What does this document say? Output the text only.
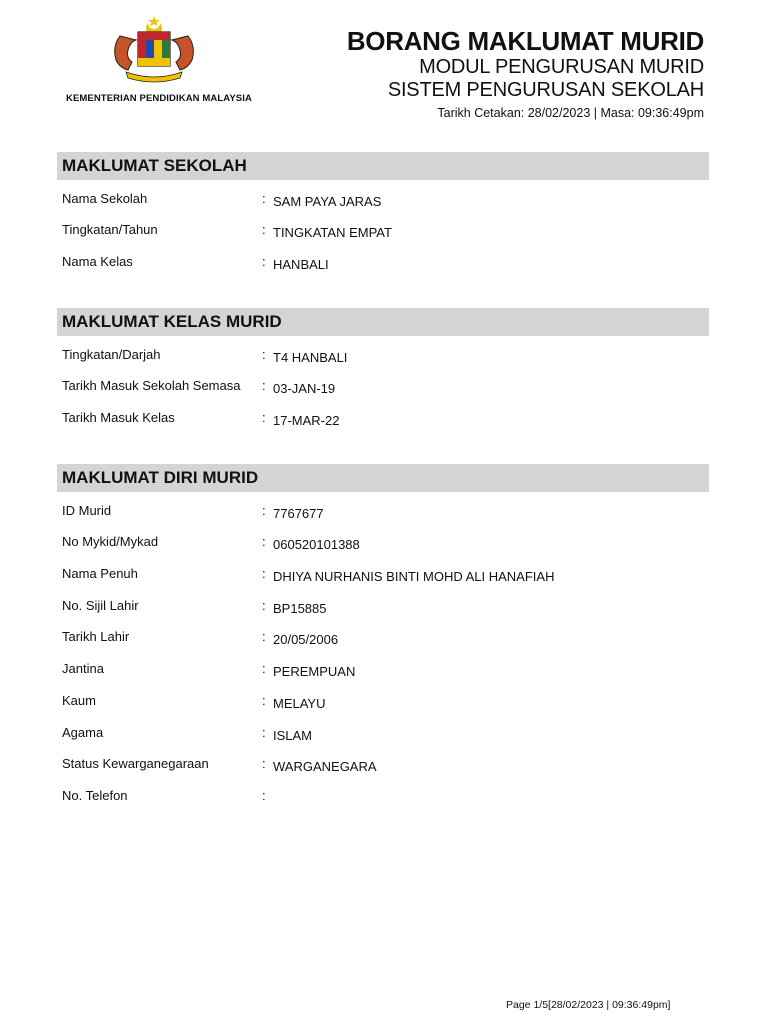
KEMENTERIAN PENDIDIKAN MALAYSIA
BORANG MAKLUMAT MURID
MODUL PENGURUSAN MURID
SISTEM PENGURUSAN SEKOLAH
Tarikh Cetakan: 28/02/2023 | Masa: 09:36:49pm
MAKLUMAT SEKOLAH
Nama Sekolah	: SAM PAYA JARAS
Tingkatan/Tahun	: TINGKATAN EMPAT
Nama Kelas	: HANBALI
MAKLUMAT KELAS MURID
Tingkatan/Darjah	: T4 HANBALI
Tarikh Masuk Sekolah Semasa : 03-JAN-19
Tarikh Masuk Kelas	: 17-MAR-22
MAKLUMAT DIRI MURID
ID Murid	: 7767677
No Mykid/Mykad	: 060520101388
Nama Penuh	: DHIYA NURHANIS BINTI MOHD ALI HANAFIAH
No. Sijil Lahir	: BP15885
Tarikh Lahir	: 20/05/2006
Jantina	: PEREMPUAN
Kaum	: MELAYU
Agama	: ISLAM
Status Kewarganegaraan	: WARGANEGARA
No. Telefon	:
Page 1/5[28/02/2023 | 09:36:49pm]
